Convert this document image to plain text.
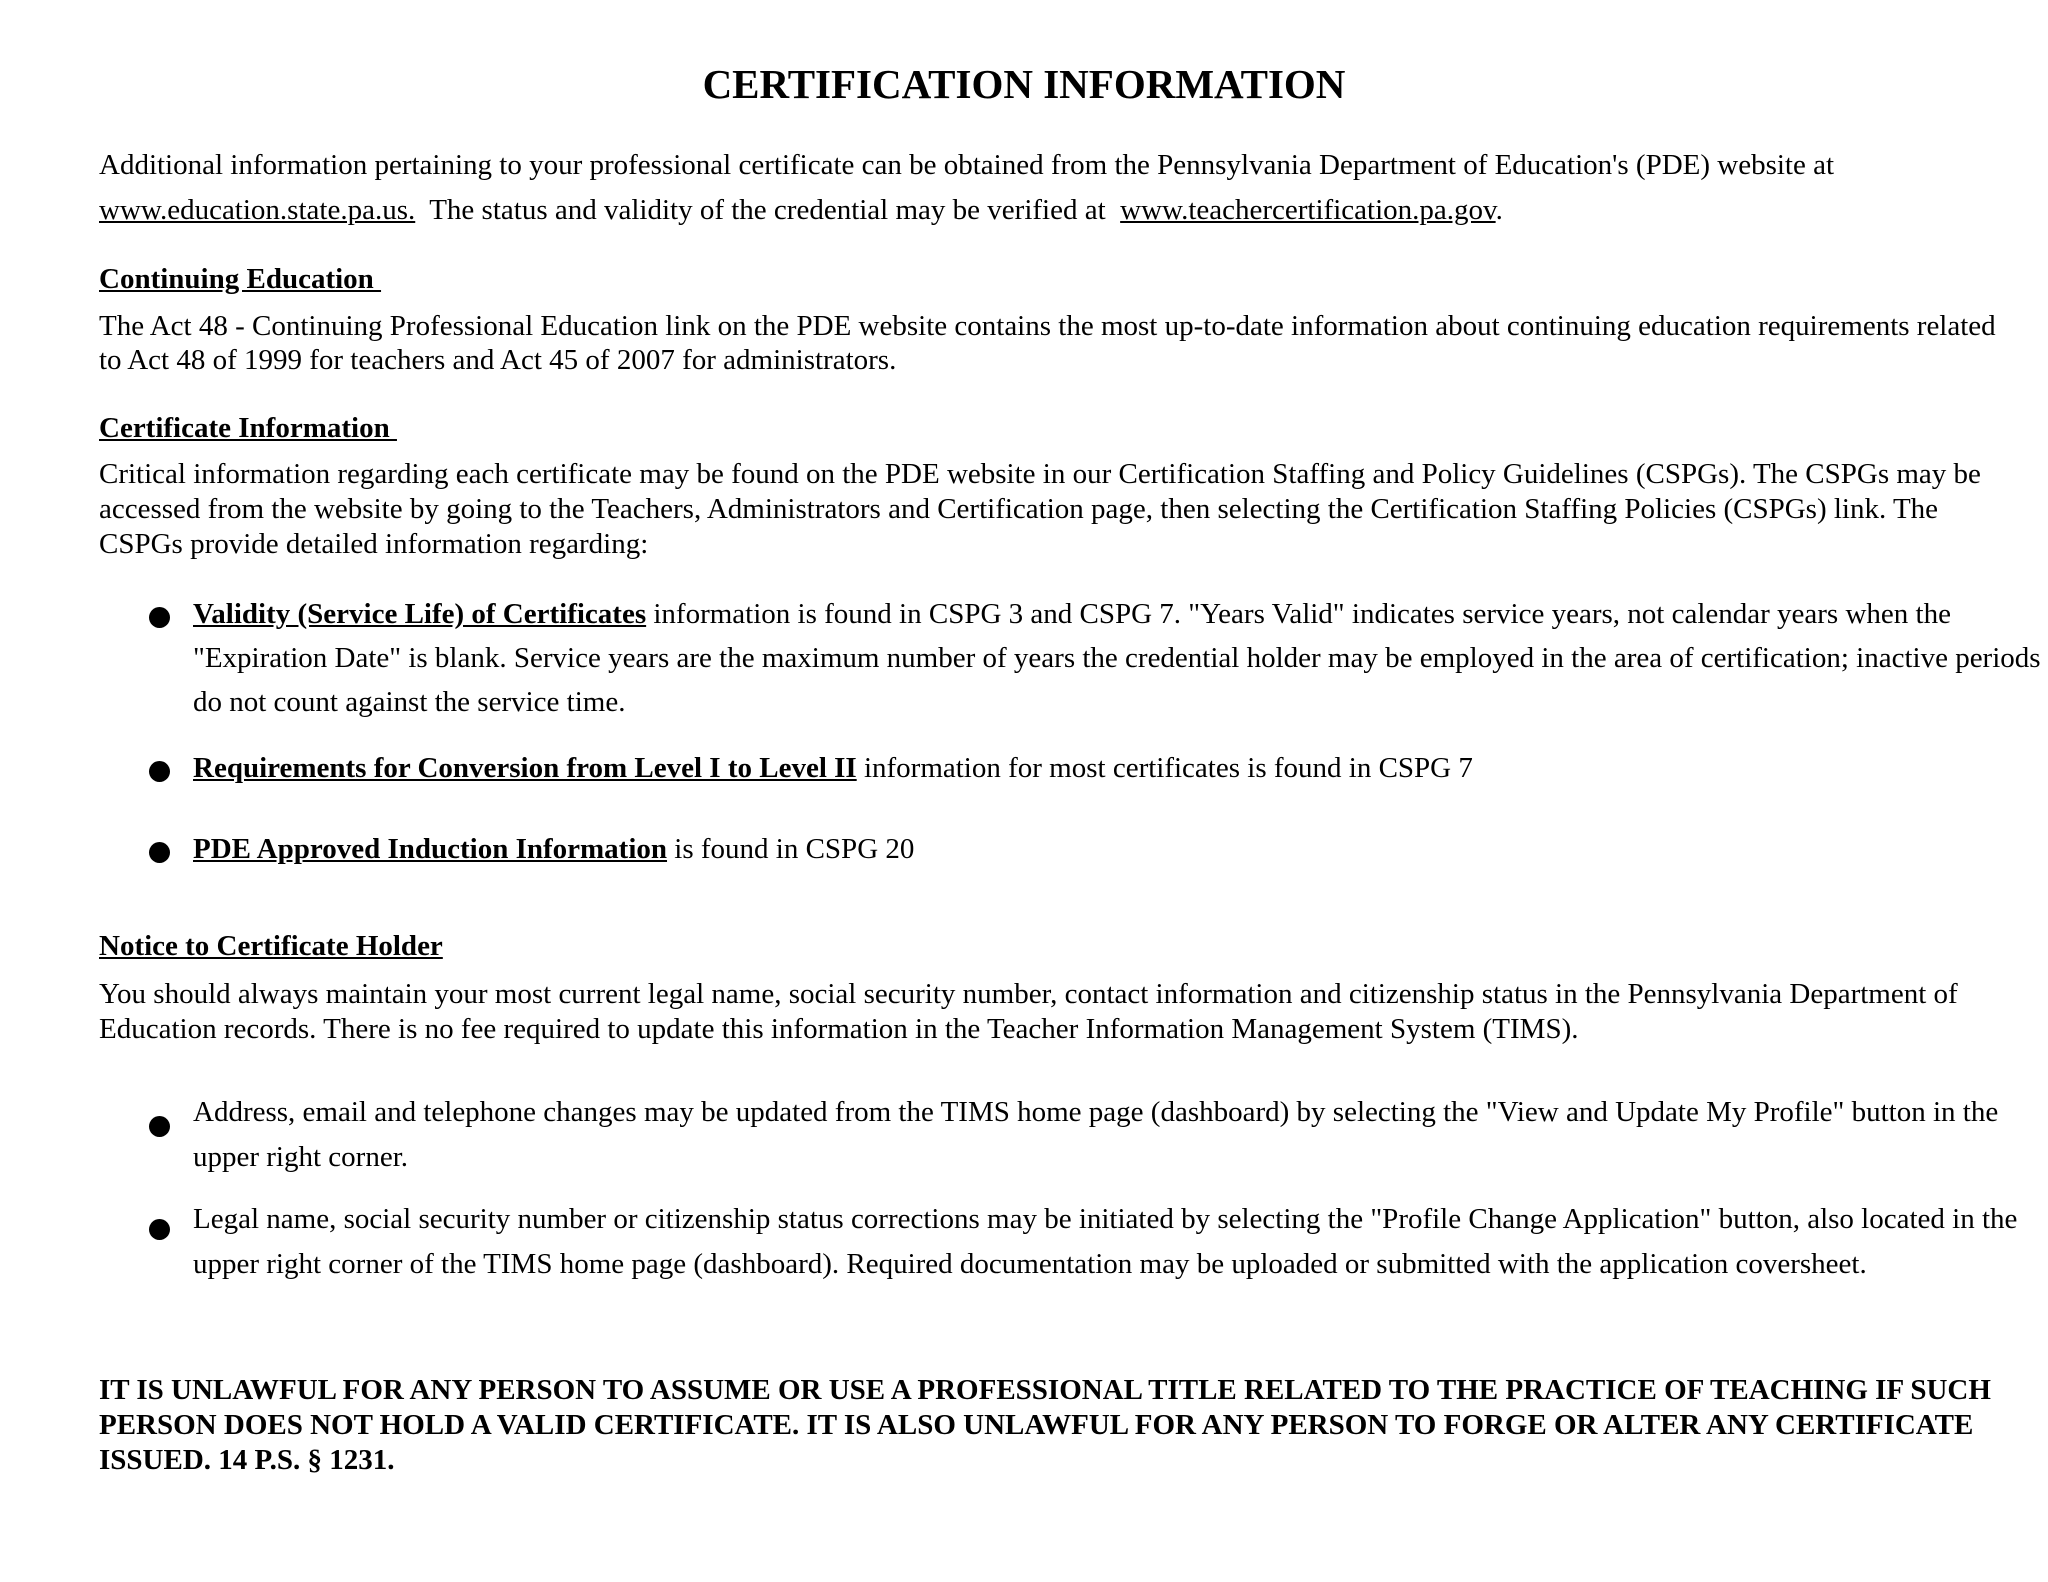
CERTIFICATION INFORMATION

Additional information pertaining to your professional certificate can be obtained from the Pennsylvania Department of Education's (PDE) website at www.education.state.pa.us. The status and validity of the credential may be verified at www.teachercertification.pa.gov.

Continuing Education

The Act 48 - Continuing Professional Education link on the PDE website contains the most up-to-date information about continuing education requirements related to Act 48 of 1999 for teachers and Act 45 of 2007 for administrators.

Certificate Information

Critical information regarding each certificate may be found on the PDE website in our Certification Staffing and Policy Guidelines (CSPGs). The CSPGs may be accessed from the website by going to the Teachers, Administrators and Certification page, then selecting the Certification Staffing Policies (CSPGs) link. The CSPGs provide detailed information regarding:

Validity (Service Life) of Certificates information is found in CSPG 3 and CSPG 7. "Years Valid" indicates service years, not calendar years when the "Expiration Date" is blank. Service years are the maximum number of years the credential holder may be employed in the area of certification; inactive periods do not count against the service time.
Requirements for Conversion from Level I to Level II information for most certificates is found in CSPG 7
PDE Approved Induction Information is found in CSPG 20
Notice to Certificate Holder

You should always maintain your most current legal name, social security number, contact information and citizenship status in the Pennsylvania Department of Education records. There is no fee required to update this information in the Teacher Information Management System (TIMS).

Address, email and telephone changes may be updated from the TIMS home page (dashboard) by selecting the "View and Update My Profile" button in the upper right corner.
Legal name, social security number or citizenship status corrections may be initiated by selecting the "Profile Change Application" button, also located in the upper right corner of the TIMS home page (dashboard). Required documentation may be uploaded or submitted with the application coversheet.

IT IS UNLAWFUL FOR ANY PERSON TO ASSUME OR USE A PROFESSIONAL TITLE RELATED TO THE PRACTICE OF TEACHING IF SUCH PERSON DOES NOT HOLD A VALID CERTIFICATE. IT IS ALSO UNLAWFUL FOR ANY PERSON TO FORGE OR ALTER ANY CERTIFICATE ISSUED. 14 P.S. § 1231.
